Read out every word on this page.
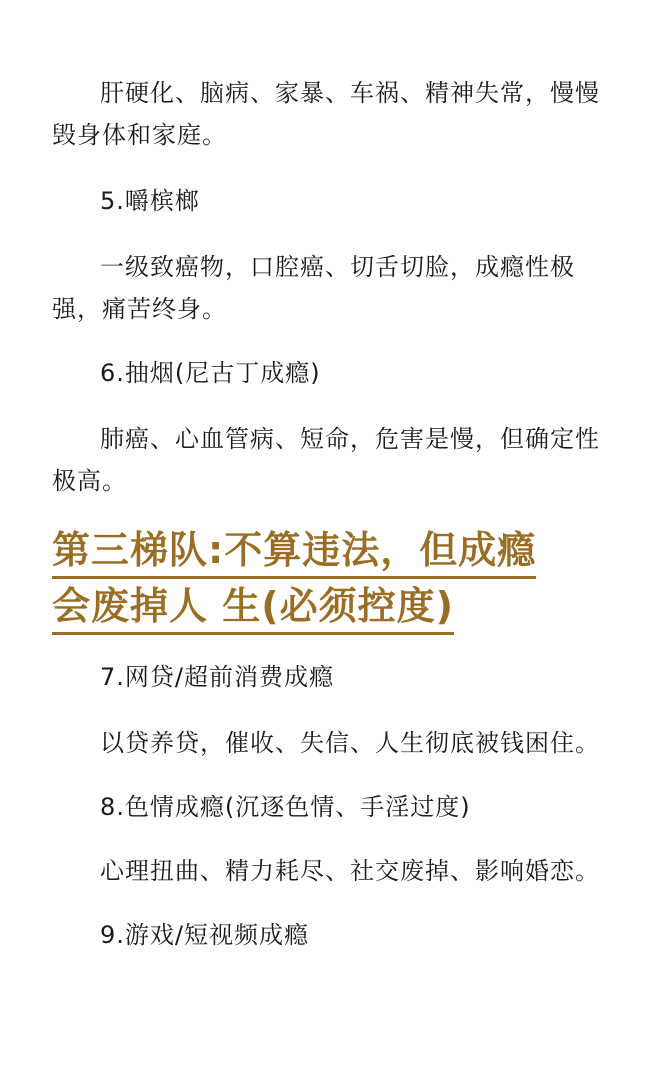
肝硬化、脑病、家暴、车祸、精神失常，慢慢毁身体和家庭。

5.嚼槟榔

一级致癌物，口腔癌、切舌切脸，成瘾性极强，痛苦终身。

6.抽烟(尼古丁成瘾)

肺癌、心血管病、短命，危害是慢，但确定性极高。

第三梯队:不算违法，但成瘾
会废掉人 生(必须控度)

7.网贷/超前消费成瘾

以贷养贷，催收、失信、人生彻底被钱困住。

8.色情成瘾(沉逐色情、手淫过度)

心理扭曲、精力耗尽、社交废掉、影响婚恋。

9.游戏/短视频成瘾
